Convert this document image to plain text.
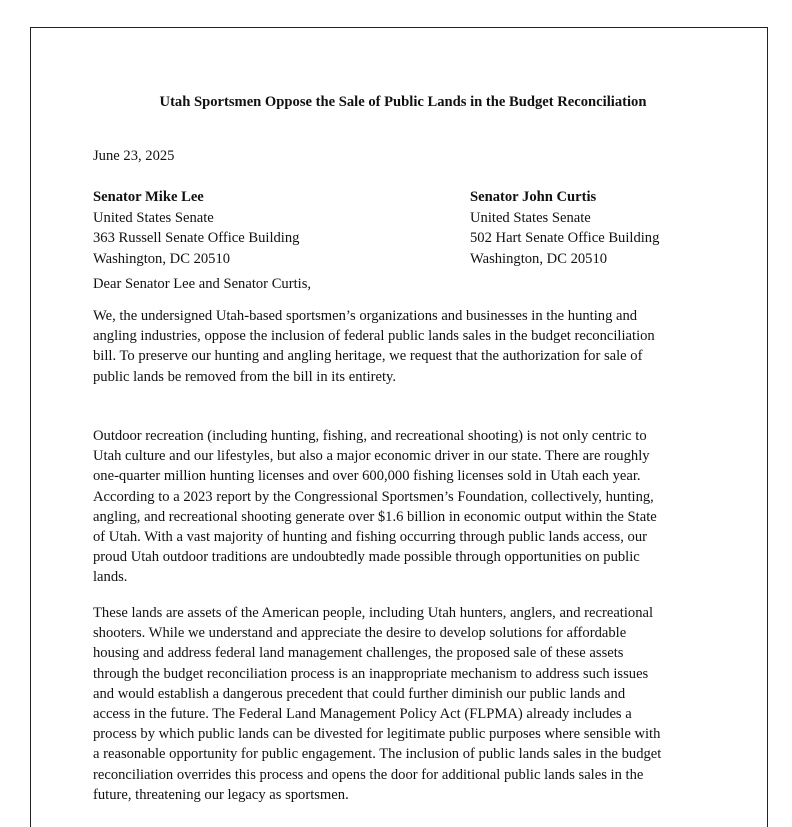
Utah Sportsmen Oppose the Sale of Public Lands in the Budget Reconciliation

June 23, 2025

Senator Mike Lee
United States Senate
363 Russell Senate Office Building
Washington, DC 20510
Senator John Curtis
United States Senate
502 Hart Senate Office Building
Washington, DC 20510

Dear Senator Lee and Senator Curtis,

We, the undersigned Utah-based sportsmen’s organizations and businesses in the hunting and
angling industries, oppose the inclusion of federal public lands sales in the budget reconciliation
bill. To preserve our hunting and angling heritage, we request that the authorization for sale of
public lands be removed from the bill in its entirety.

Outdoor recreation (including hunting, fishing, and recreational shooting) is not only centric to
Utah culture and our lifestyles, but also a major economic driver in our state. There are roughly
one-quarter million hunting licenses and over 600,000 fishing licenses sold in Utah each year.
According to a 2023 report by the Congressional Sportsmen’s Foundation, collectively, hunting,
angling, and recreational shooting generate over $1.6 billion in economic output within the State
of Utah. With a vast majority of hunting and fishing occurring through public lands access, our
proud Utah outdoor traditions are undoubtedly made possible through opportunities on public
lands.

These lands are assets of the American people, including Utah hunters, anglers, and recreational
shooters. While we understand and appreciate the desire to develop solutions for affordable
housing and address federal land management challenges, the proposed sale of these assets
through the budget reconciliation process is an inappropriate mechanism to address such issues
and would establish a dangerous precedent that could further diminish our public lands and
access in the future. The Federal Land Management Policy Act (FLPMA) already includes a
process by which public lands can be divested for legitimate public purposes where sensible with
a reasonable opportunity for public engagement. The inclusion of public lands sales in the budget
reconciliation overrides this process and opens the door for additional public lands sales in the
future, threatening our legacy as sportsmen.
